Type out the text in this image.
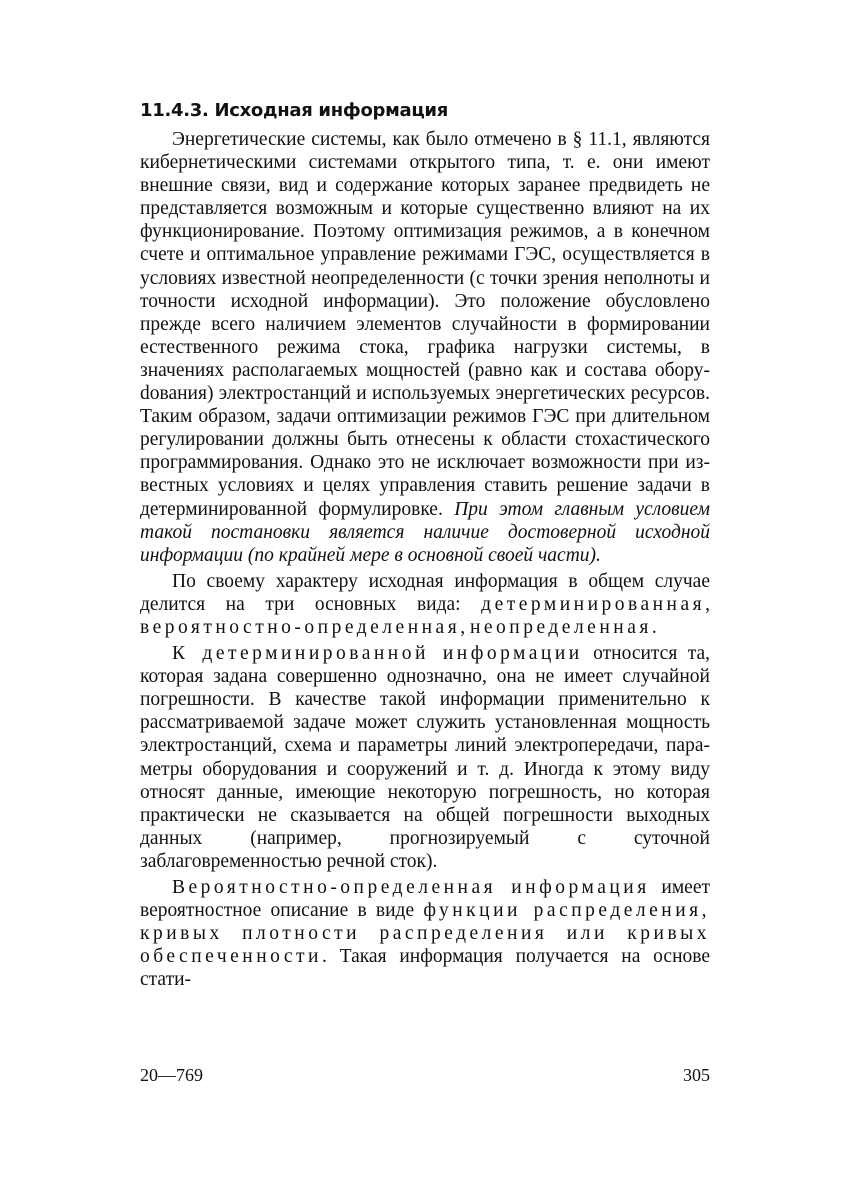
11.4.3. Исходная информация

Энергетические системы, как было отмечено в § 11.1, являются кибернетическими системами открытого типа, т. е. они имеют внешние связи, вид и содержание которых заранее предвидеть не представляется возможным и которые существенно влияют на их функционирование. Поэтому оптимизация режимов, а в конечном счете и оптимальное управление режимами ГЭС, осуществляется в условиях известной неопределенности (с точки зрения неполноты и точности исходной информации). Это положение обусловлено прежде всего наличием элементов случайности в формировании естественного режима стока, графика нагрузки системы, в значениях располагаемых мощностей (равно как и состава оборуdования) электростанций и используемых энергетических ресурсов. Таким образом, задачи оптимизации режимов ГЭС при длительном регулировании должны быть отнесены к области стохастического программирования. Однако это не исключает возможности при известных условиях и целях управления ставить решение задачи в детерминированной формулировке. При этом главным условием такой постановки является наличие достоверной исходной информации (по крайней мере в основной своей части).

По своему характеру исходная информация в общем случае делится на три основных вида: детерминированная, вероятностно-определенная, неопределенная.

К детерминированной информации относится та, которая задана совершенно однозначно, она не имеет случайной погрешности. В качестве такой информации применительно к рассматриваемой задаче может служить установленная мощность электростанций, схема и параметры линий электропередачи, параметры оборудования и сооружений и т. д. Иногда к этому виду относят данные, имеющие некоторую погрешность, но которая практически не сказывается на общей погрешности выходных данных (например, прогнозируемый с суточной заблаговременностью речной сток).

Вероятностно-определенная информация имеет вероятностное описание в виде функции распределения, кривых плотности распределения или кривых обеспеченности. Такая информация получается на основе стати-

20—769	305
